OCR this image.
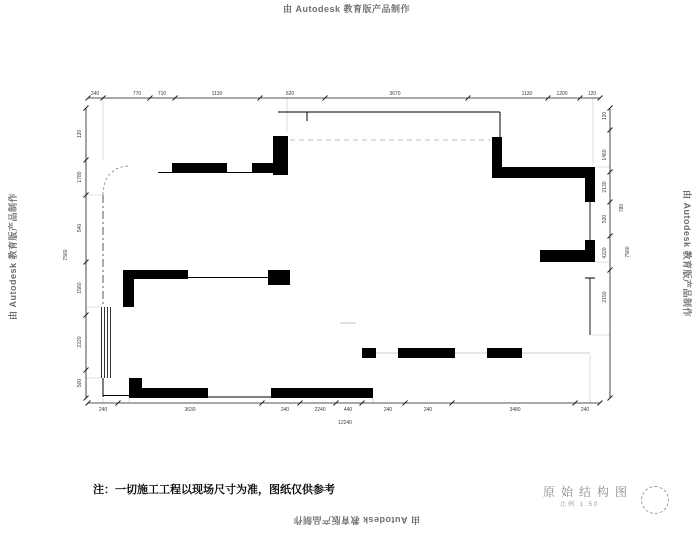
由 Autodesk 教育版产品制作
由 Autodesk 教育版产品制作	由 Autodesk 教育版产品制作
由 Autodesk 教育版产品制作
240	770	710	1130	620	3670	1130	1200	120
240	3630	240	2240	440	240	240	3480	240
12240
120
1780
540
1560
2220
500
7560
120
1460
2130
530
4220
2150
780
7560
注：一切施工工程以现场尺寸为准，图纸仅供参考	原始结构图
比例 1:50
